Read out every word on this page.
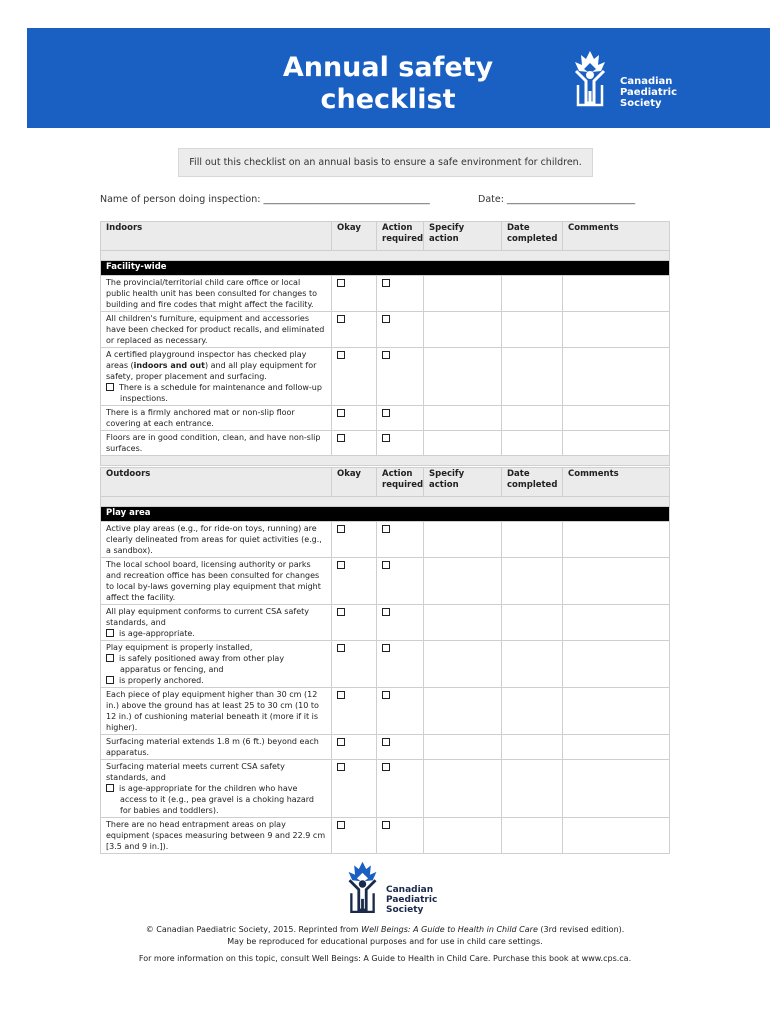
Annual safety
checklist
Canadian
Paediatric
Society
Fill out this checklist on an annual basis to ensure a safe environment for children.
Name of person doing inspection: ___________________________________	Date: ___________________________
Indoors	Okay	Action required	Specify action	Date completed	Comments

Facility-wide					
The provincial/territorial child care office or local public health unit has been consulted for changes to building and fire codes that might affect the facility.					
All children's furniture, equipment and accessories have been checked for product recalls, and eliminated or replaced as necessary.					
A certified playground inspector has checked play areas (indoors and out) and all play equipment for safety, proper placement and surfacing.
There is a schedule for maintenance and follow-up inspections.					

There is a firmly anchored mat or non-slip floor covering at each entrance.					
Floors are in good condition, clean, and have non-slip surfaces.					

Outdoors	Okay	Action required	Specify action	Date completed	Comments

Play area					
Active play areas (e.g., for ride-on toys, running) are clearly delineated from areas for quiet activities (e.g., a sandbox).					
The local school board, licensing authority or parks and recreation office has been consulted for changes to local by-laws governing play equipment that might affect the facility.					

All play equipment conforms to current CSA safety standards, and
is age-appropriate.					

Play equipment is properly installed,
is safely positioned away from other play apparatus or fencing, and
is properly anchored.					

Each piece of play equipment higher than 30 cm (12 in.) above the ground has at least 25 to 30 cm (10 to 12 in.) of cushioning material beneath it (more if it is higher).					
Surfacing material extends 1.8 m (6 ft.) beyond each apparatus.					

Surfacing material meets current CSA safety standards, and
is age-appropriate for the children who have access to it (e.g., pea gravel is a choking hazard for babies and toddlers).					

There are no head entrapment areas on play equipment (spaces measuring between 9 and 22.9 cm [3.5 and 9 in.]).					
Canadian
Paediatric
Society
© Canadian Paediatric Society, 2015. Reprinted from Well Beings: A Guide to Health in Child Care (3rd revised edition).
May be reproduced for educational purposes and for use in child care settings.
For more information on this topic, consult Well Beings: A Guide to Health in Child Care. Purchase this book at www.cps.ca.
